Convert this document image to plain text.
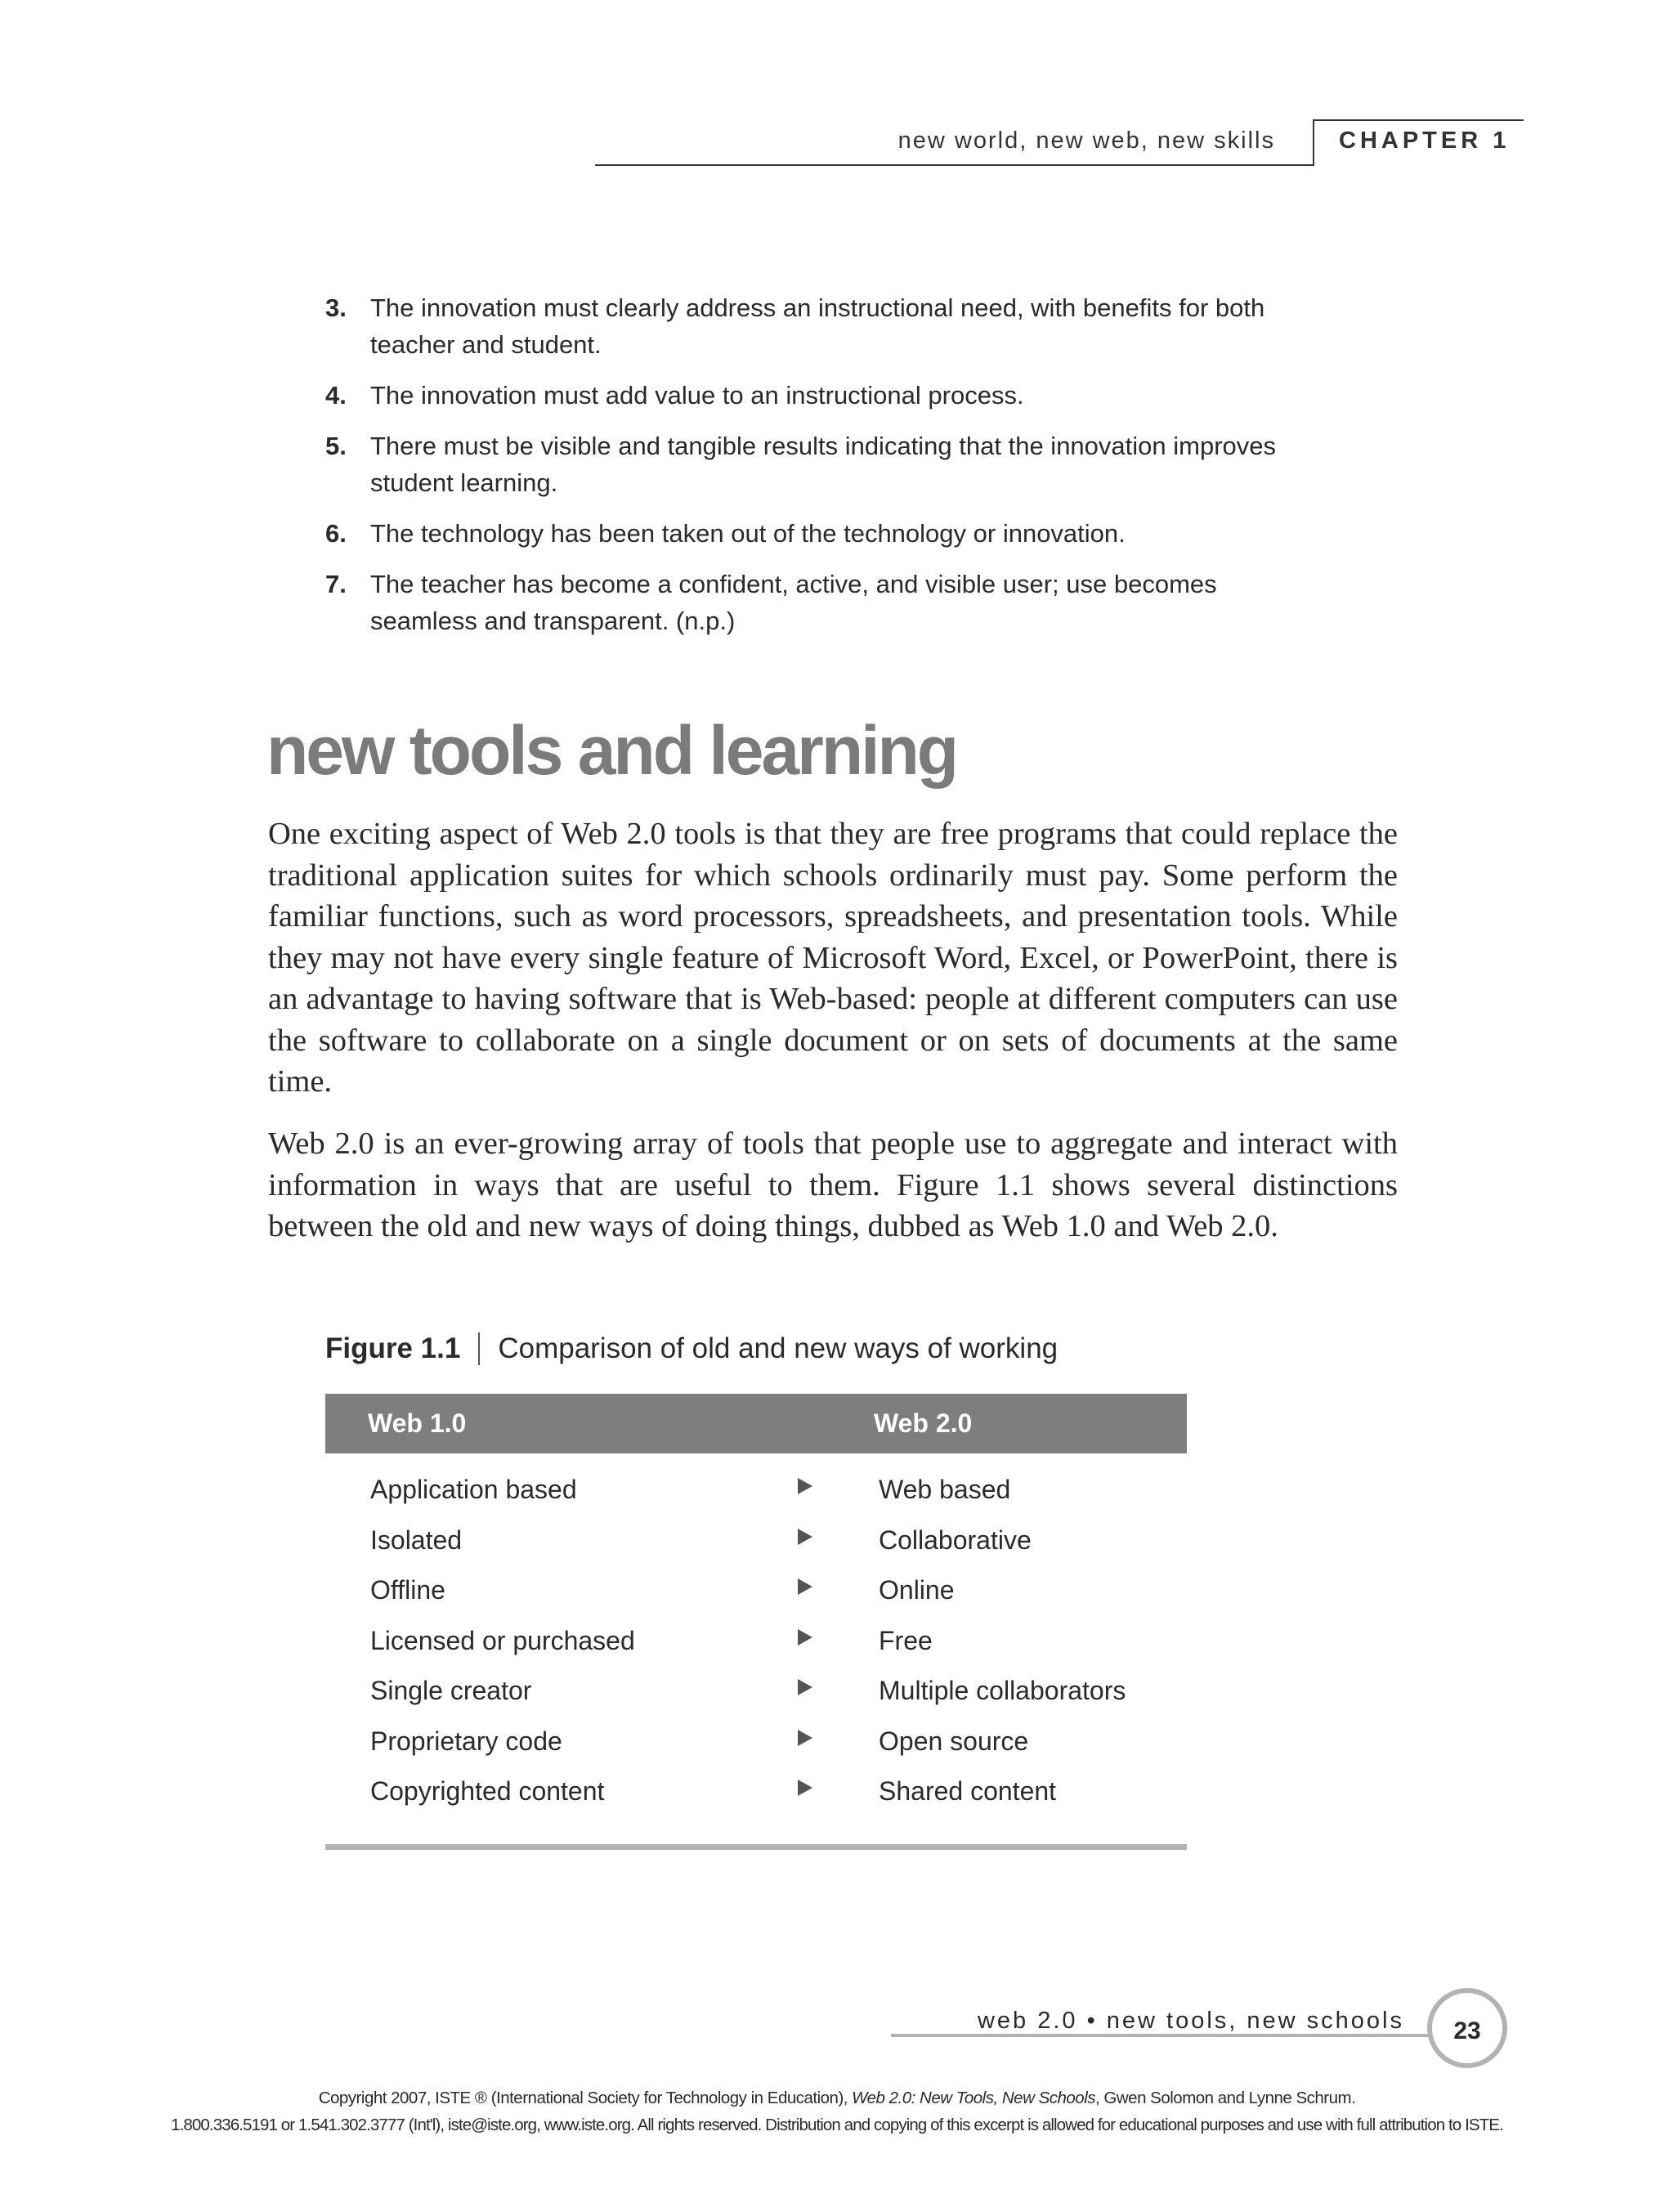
new world, new web, new skills	CHAPTER 1
3. The innovation must clearly address an instructional need, with benefits for both teacher and student.
4. The innovation must add value to an instructional process.
5. There must be visible and tangible results indicating that the innovation improves student learning.
6. The technology has been taken out of the technology or innovation.
7. The teacher has become a confident, active, and visible user; use becomes seamless and transparent. (n.p.)
new tools and learning
One exciting aspect of Web 2.0 tools is that they are free programs that could replace the traditional application suites for which schools ordinarily must pay. Some perform the familiar functions, such as word processors, spreadsheets, and presentation tools. While they may not have every single feature of Microsoft Word, Excel, or PowerPoint, there is an advantage to having software that is Web-based: people at different computers can use the software to collaborate on a single document or on sets of documents at the same time.
Web 2.0 is an ever-growing array of tools that people use to aggregate and interact with information in ways that are useful to them. Figure 1.1 shows several distinctions between the old and new ways of doing things, dubbed as Web 1.0 and Web 2.0.
Figure 1.1 Comparison of old and new ways of working
Web 1.0	Web 2.0
Application based	Web based
Isolated	Collaborative
Offline	Online
Licensed or purchased	Free
Single creator	Multiple collaborators
Proprietary code	Open source
Copyrighted content	Shared content
web 2.0 • new tools, new schools	23
Copyright 2007, ISTE ® (International Society for Technology in Education), Web 2.0: New Tools, New Schools, Gwen Solomon and Lynne Schrum.
1.800.336.5191 or 1.541.302.3777 (Int'l), iste@iste.org, www.iste.org. All rights reserved. Distribution and copying of this excerpt is allowed for educational purposes and use with full attribution to ISTE.
